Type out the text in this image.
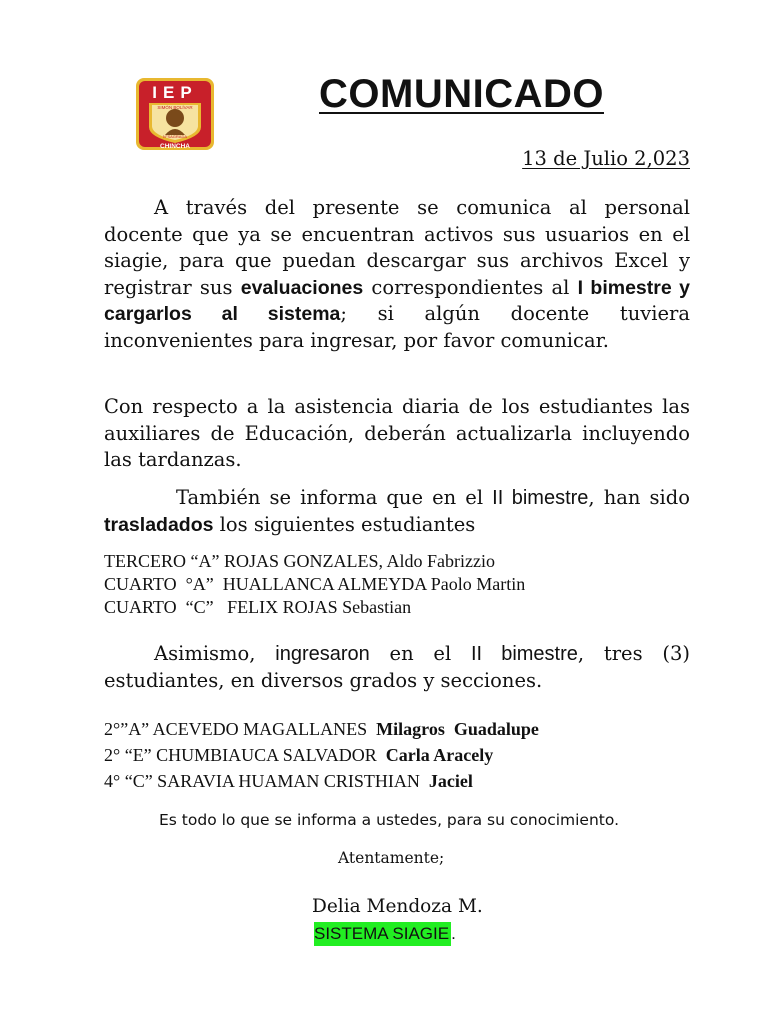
IEP
SIMÓN BOLÍVAR
N°SAGRADA
CHINCHA
COMUNICADO
13 de Julio 2,023

A través del presente se comunica al personal docente que ya se encuentran activos sus usuarios en el siagie, para que puedan descargar sus archivos Excel y registrar sus evaluaciones correspondientes al I bimestre y cargarlos al sistema; si algún docente tuviera inconvenientes para ingresar, por favor comunicar.

Con respecto a la asistencia diaria de los estudiantes las auxiliares de Educación, deberán actualizarla incluyendo las tardanzas.

También se informa que en el II bimestre, han sido trasladados los siguientes estudiantes

TERCERO “A” ROJAS GONZALES, Aldo Fabrizzio
CUARTO  °A”  HUALLANCA ALMEYDA Paolo Martin
CUARTO  “C”   FELIX ROJAS Sebastian

Asimismo, ingresaron en el II bimestre, tres (3) estudiantes, en diversos grados y secciones.

2°”A” ACEVEDO MAGALLANES  Milagros  Guadalupe
2° “E” CHUMBIAUCA SALVADOR  Carla Aracely
4° “C” SARAVIA HUAMAN CRISTHIAN  Jaciel
Es todo lo que se informa a ustedes, para su conocimiento.
Atentamente;
Delia Mendoza M.
SISTEMA SIAGIE .
